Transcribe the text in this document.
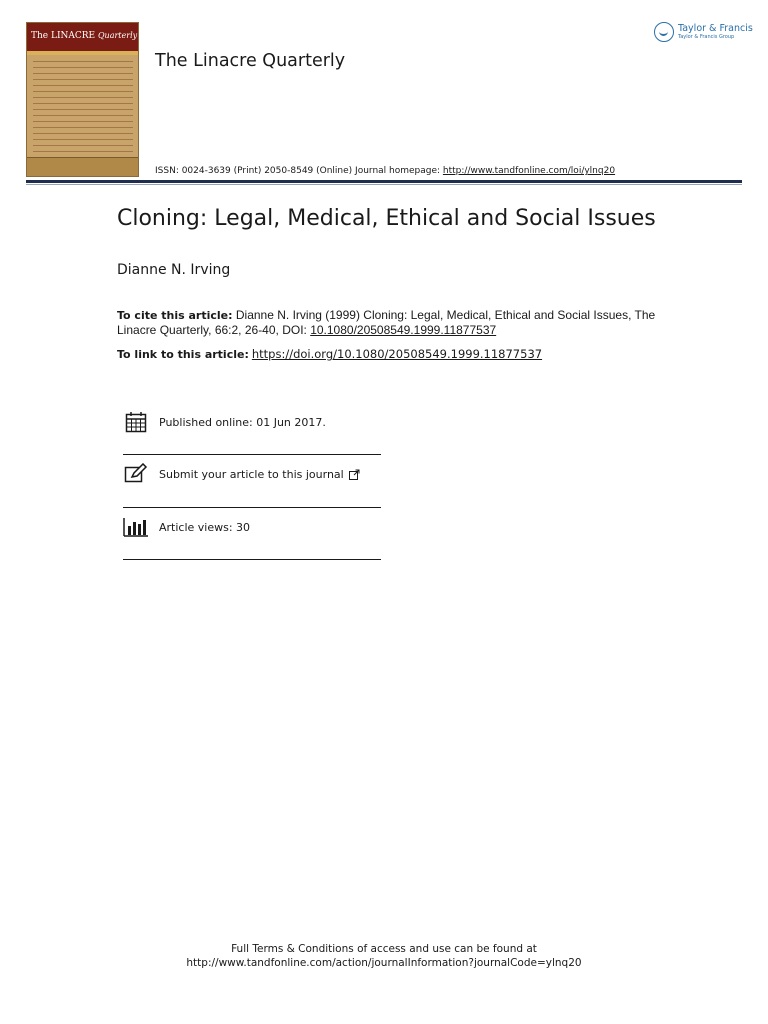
The LINACRE Quarterly
The Linacre Quarterly
Taylor & Francis
Taylor & Francis Group
ISSN: 0024-3639 (Print) 2050-8549 (Online) Journal homepage: http://www.tandfonline.com/loi/ylnq20
Cloning: Legal, Medical, Ethical and Social Issues
Dianne N. Irving
To cite this article: Dianne N. Irving (1999) Cloning: Legal, Medical, Ethical and Social Issues, The Linacre Quarterly, 66:2, 26-40, DOI: 10.1080/20508549.1999.11877537
To link to this article: https://doi.org/10.1080/20508549.1999.11877537
Published online: 01 Jun 2017.
Submit your article to this journal
Article views: 30
Full Terms & Conditions of access and use can be found at
http://www.tandfonline.com/action/journalInformation?journalCode=ylnq20
